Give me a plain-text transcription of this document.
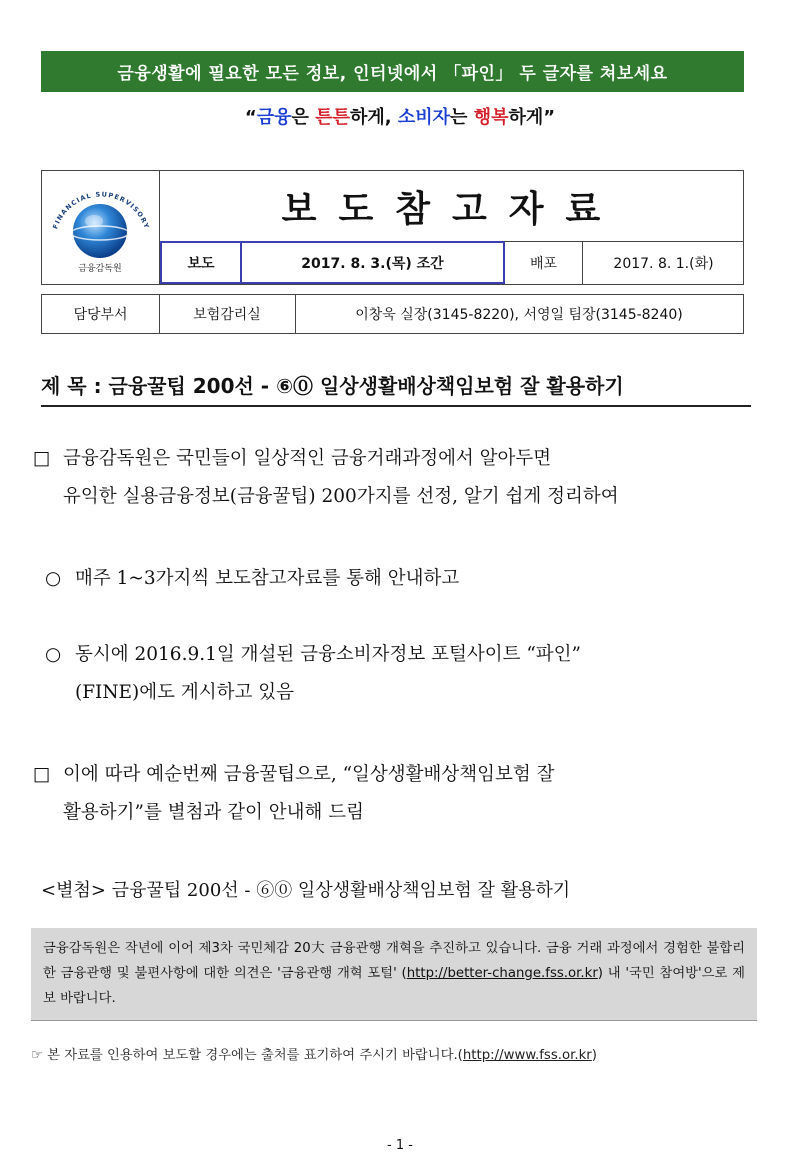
금융생활에 필요한 모든 정보, 인터넷에서 「파인」 두 글자를 쳐보세요
“금융은 튼튼하게, 소비자는 행복하게”
FINANCIAL SUPERVISORY
금융감독원
보도참고자료
보도	2017. 8. 3.(목) 조간	배포	2017. 8. 1.(화)
담당부서	보험감리실	이창욱 실장(3145-8220), 서영일 팀장(3145-8240)
제 목 : 금융꿀팁 200선 - ⑥⓪ 일상생활배상책임보험 잘 활용하기
□ 금융감독원은 국민들이 일상적인 금융거래과정에서 알아두면
유익한 실용금융정보(금융꿀팁) 200가지를 선정, 알기 쉽게 정리하여
○ 매주 1~3가지씩 보도참고자료를 통해 안내하고
○ 동시에 2016.9.1일 개설된 금융소비자정보 포털사이트 “파인”
(FINE)에도 게시하고 있음
□ 이에 따라 예순번째 금융꿀팁으로, “일상생활배상책임보험 잘
활용하기”를 별첨과 같이 안내해 드림
<별첨> 금융꿀팁 200선 - ⑥⓪ 일상생활배상책임보험 잘 활용하기
금융감독원은 작년에 이어 제3차 국민체감 20大 금융관행 개혁을 추진하고 있습니다. 금융 거래 과정에서 경험한 불합리한 금융관행 및 불편사항에 대한 의견은 '금융관행 개혁 포털' (http://better-change.fss.or.kr) 내 '국민 참여방'으로 제보 바랍니다.
☞ 본 자료를 인용하여 보도할 경우에는 출처를 표기하여 주시기 바랍니다.(http://www.fss.or.kr)
- 1 -
